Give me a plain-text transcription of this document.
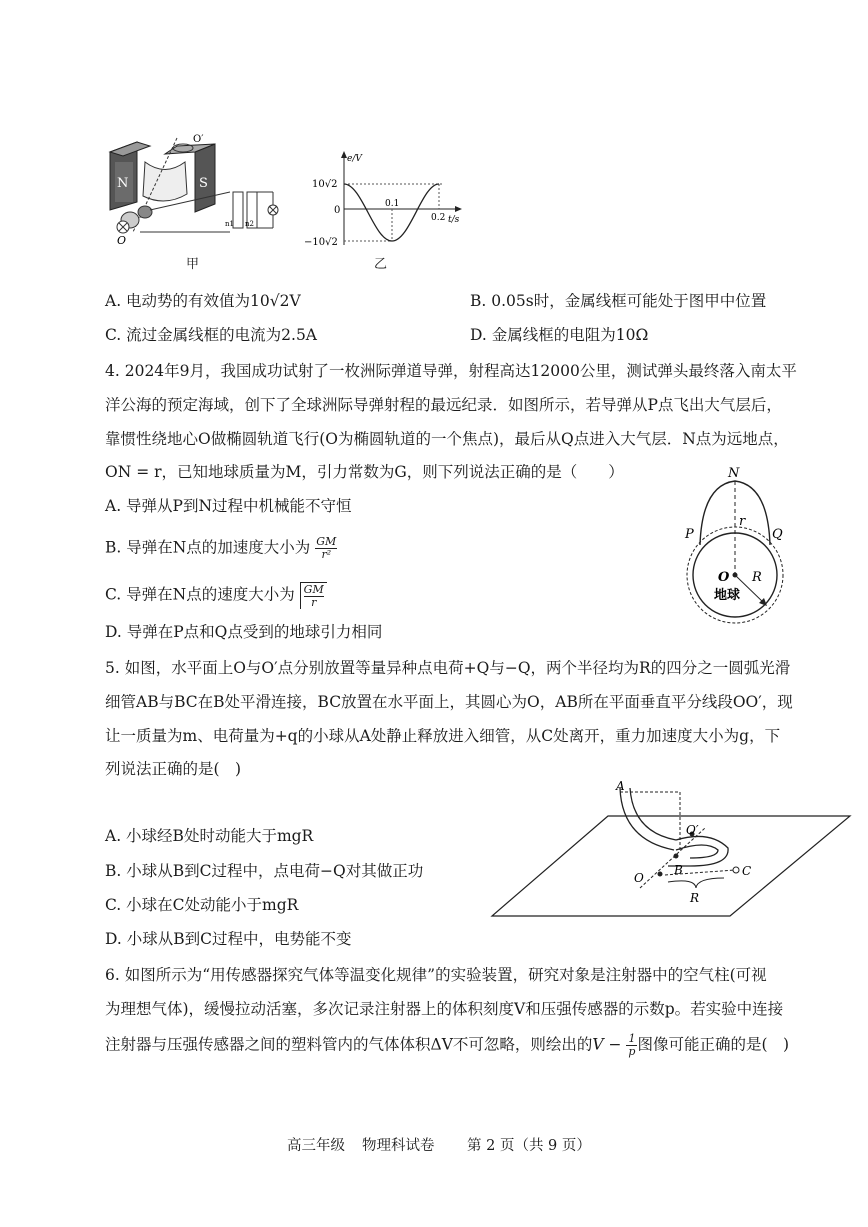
N	S
O′
O
n1 n2
甲
e/V
t/s
10√2
−10√2
0
0.1
0.2
乙
A. 电动势的有效值为10√2V	B. 0.05s时，金属线框可能处于图甲中位置
C. 流过金属线框的电流为2.5A	D. 金属线框的电阻为10Ω
4. 2024年9月，我国成功试射了一枚洲际弹道导弹，射程高达12000公里，测试弹头最终落入南太平
洋公海的预定海域，创下了全球洲际导弹射程的最远纪录．如图所示，若导弹从P点飞出大气层后，
靠惯性绕地心O做椭圆轨道飞行(O为椭圆轨道的一个焦点)，最后从Q点进入大气层．N点为远地点，
ON = r，已知地球质量为M，引力常数为G，则下列说法正确的是（　　）
A. 导弹从P到N过程中机械能不守恒
B. 导弹在N点的加速度大小为 $\frac{GM}{\text{r²}}$
C. 导弹在N点的速度大小为 $\frac{GM}{r}$
D. 导弹在P点和Q点受到的地球引力相同
N
P	Q
r
O R
地球
5. 如图，水平面上O与O′点分别放置等量异种点电荷+Q与−Q，两个半径均为R的四分之一圆弧光滑
细管AB与BC在B处平滑连接，BC放置在水平面上，其圆心为O，AB所在平面垂直平分线段OO′，现
让一质量为m、电荷量为+q的小球从A处静止释放进入细管，从C处离开，重力加速度大小为g，下
列说法正确的是(　)
A. 小球经B处时动能大于mgR
B. 小球从B到C过程中，点电荷−Q对其做正功
C. 小球在C处动能小于mgR
D. 小球从B到C过程中，电势能不变
A
B	C
O
O′
R
6. 如图所示为“用传感器探究气体等温变化规律”的实验装置，研究对象是注射器中的空气柱(可视
为理想气体)，缓慢拉动活塞，多次记录注射器上的体积刻度V和压强传感器的示数p。若实验中连接
注射器与压强传感器之间的塑料管内的气体体积ΔV不可忽略，则绘出的$V - \frac{1}{p}$ 图像可能正确的是(　)
高三年级 物理科试卷 第 2 页（共 9 页）
